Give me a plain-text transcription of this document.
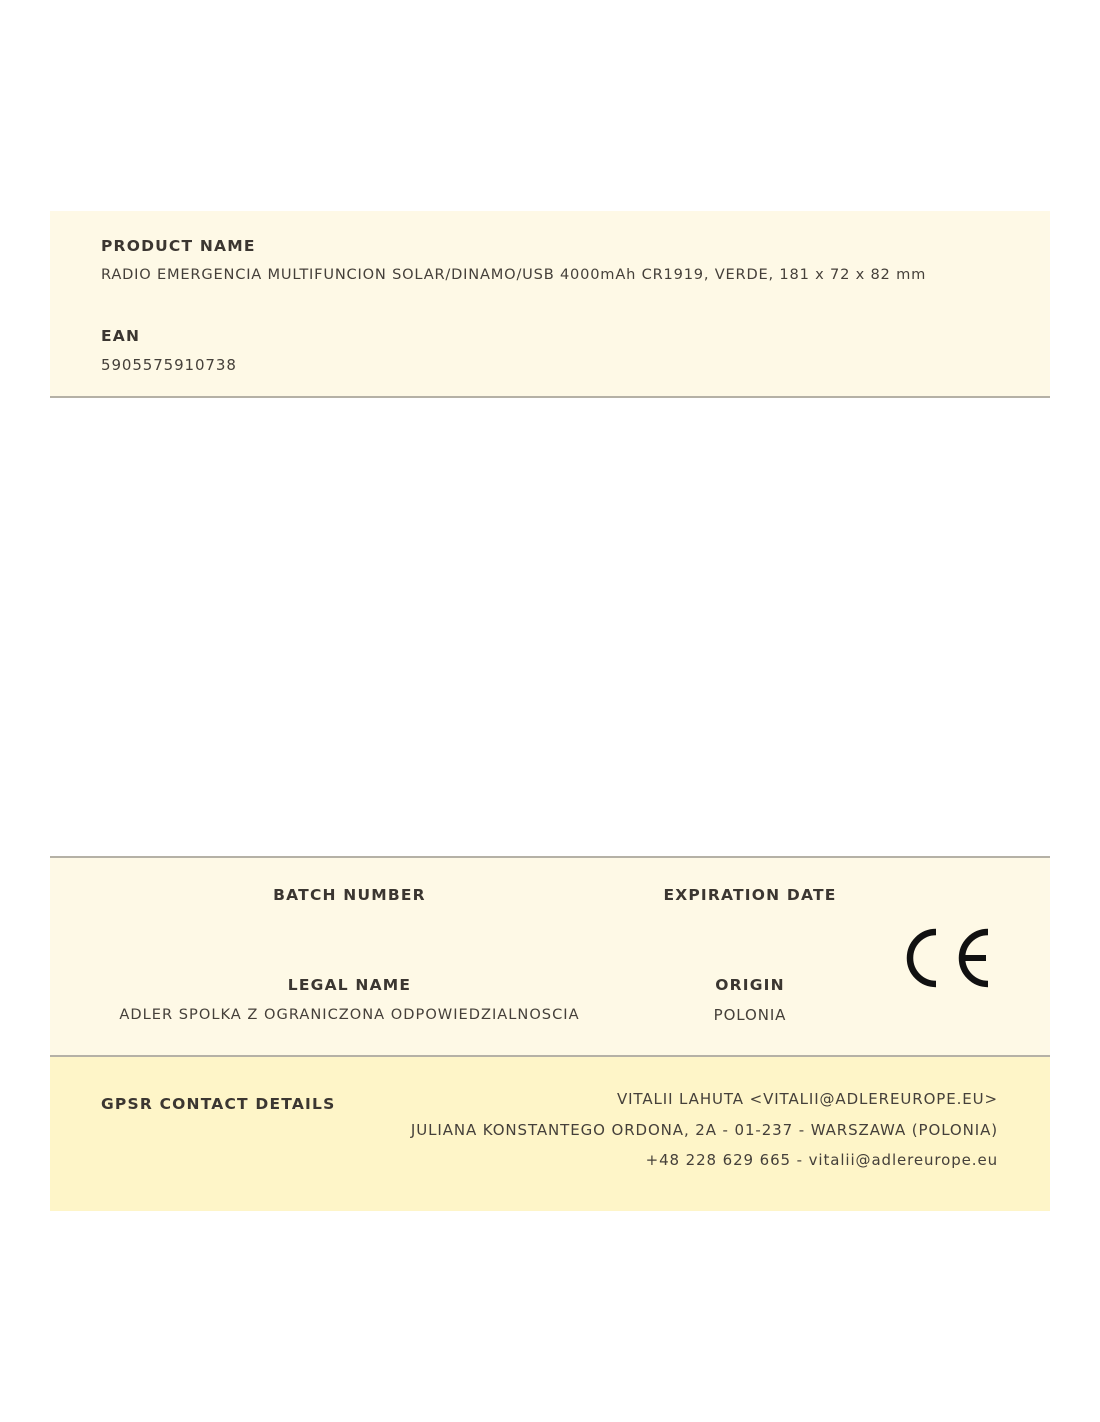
PRODUCT NAME
RADIO EMERGENCIA MULTIFUNCION SOLAR/DINAMO/USB 4000mAh CR1919, VERDE, 181 x 72 x 82 mm
EAN
5905575910738
BATCH NUMBER	EXPIRATION DATE
LEGAL NAME
ADLER SPOLKA Z OGRANICZONA ODPOWIEDZIALNOSCIA
ORIGIN
POLONIA
GPSR CONTACT DETAILS	VITALII LAHUTA <VITALII@ADLEREUROPE.EU>
JULIANA KONSTANTEGO ORDONA, 2A - 01-237 - WARSZAWA (POLONIA)
+48 228 629 665 - vitalii@adlereurope.eu
